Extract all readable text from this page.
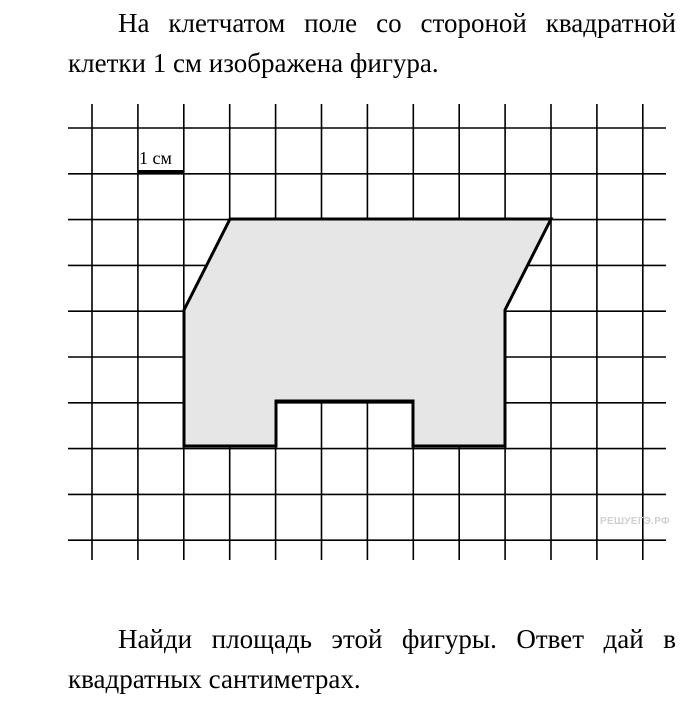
На клетчатом поле со стороной квадратной
клетки 1 см изображена фигура.

1 см
РЕШУЕГЭ.РФ

Найди площадь этой фигуры. Ответ дай в
квадратных сантиметрах.
